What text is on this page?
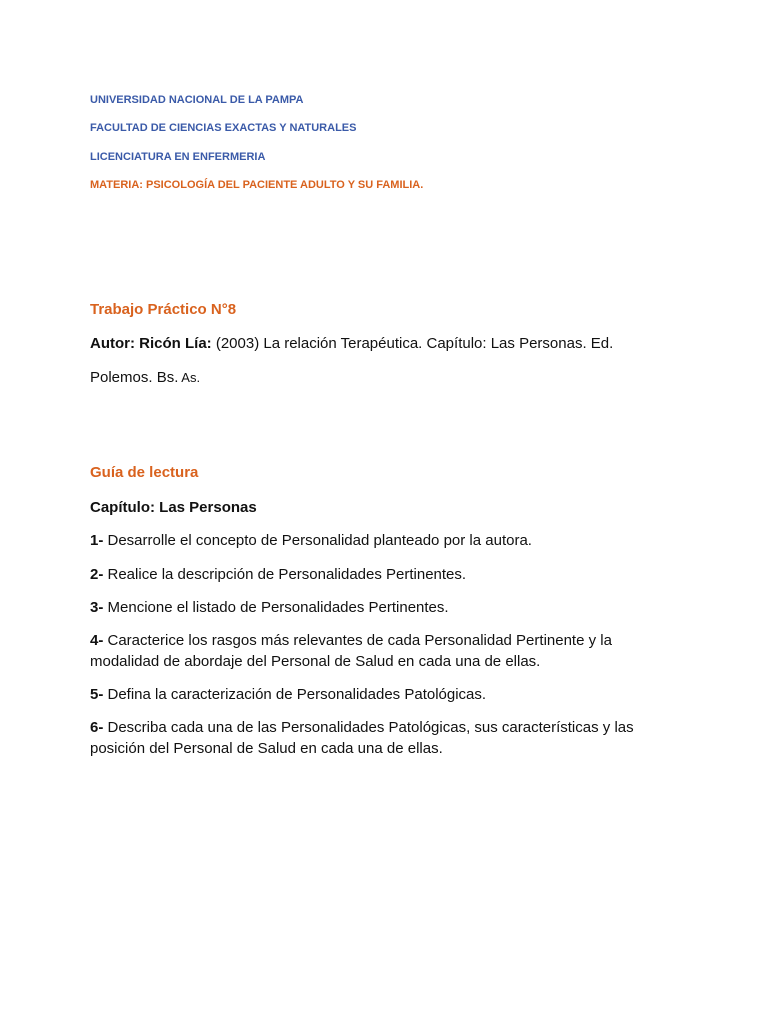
UNIVERSIDAD NACIONAL DE LA PAMPA
FACULTAD DE CIENCIAS EXACTAS Y NATURALES
LICENCIATURA EN ENFERMERIA
MATERIA: PSICOLOGÍA DEL PACIENTE ADULTO Y SU FAMILIA.
Trabajo Práctico N°8
Autor: Ricón Lía: (2003) La relación Terapéutica. Capítulo: Las Personas. Ed.
Polemos. Bs. As.
Guía de lectura
Capítulo: Las Personas
1- Desarrolle el concepto de Personalidad planteado por la autora.
2- Realice la descripción de Personalidades Pertinentes.
3- Mencione el listado de Personalidades Pertinentes.
4- Caracterice los rasgos más relevantes de cada Personalidad Pertinente y la modalidad de abordaje del Personal de Salud en cada una de ellas.
5- Defina la caracterización de Personalidades Patológicas.
6- Describa cada una de las Personalidades Patológicas, sus características y las posición del Personal de Salud en cada una de ellas.
